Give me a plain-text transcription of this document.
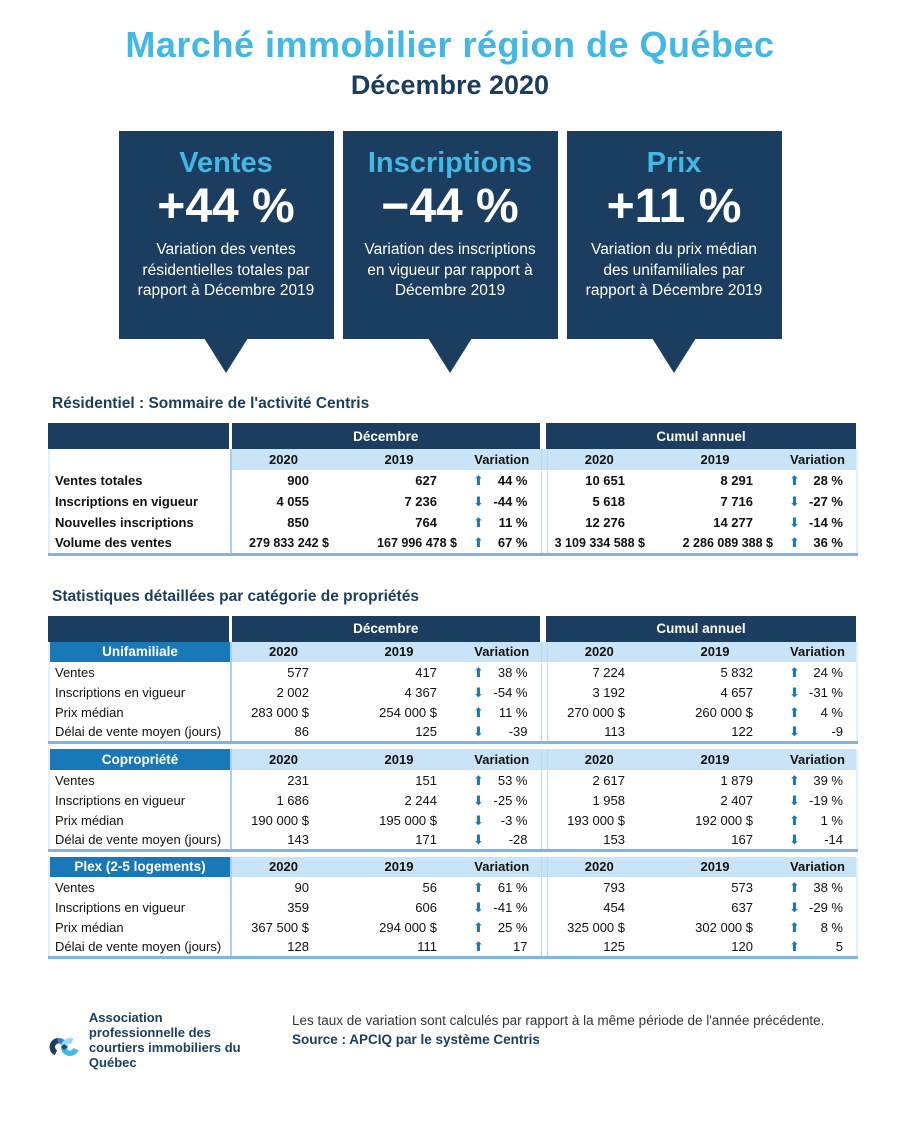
Marché immobilier région de Québec
Décembre 2020
Ventes
+44 %
Variation des ventes résidentielles totales par rapport à Décembre 2019
Inscriptions
−44 %
Variation des inscriptions en vigueur par rapport à Décembre 2019
Prix
+11 %
Variation du prix médian des unifamiliales par rapport à Décembre 2019
Résidentiel : Sommaire de l'activité Centris
	Décembre		Cumul annuel
	2020	2019	Variation		2020	2019	Variation
Ventes totales	900	627	⬆ 44 %		10 651	8 291	⬆ 28 %

Inscriptions en vigueur	4 055	7 236	⬇ -44 %		5 618	7 716	⬇ -27 %

Nouvelles inscriptions	850	764	⬆ 11 %		12 276	14 277	⬇ -14 %

Volume des ventes	279 833 242 $	167 996 478 $	⬆ 67 %		3 109 334 588 $	2 286 089 388 $	⬆ 36 %
Statistiques détaillées par catégorie de propriétés
	Décembre		Cumul annuel
Unifamiliale	2020	2019	Variation		2020	2019	Variation
Ventes	577	417	⬆ 38 %		7 224	5 832	⬆ 24 %

Inscriptions en vigueur	2 002	4 367	⬇ -54 %		3 192	4 657	⬇ -31 %

Prix médian	283 000 $	254 000 $	⬆ 11 %		270 000 $	260 000 $	⬆ 4 %

Délai de vente moyen (jours)	86	125	⬇ -39		113	122	⬇ -9
Copropriété	2020	2019	Variation		2020	2019	Variation
Ventes	231	151	⬆ 53 %		2 617	1 879	⬆ 39 %

Inscriptions en vigueur	1 686	2 244	⬇ -25 %		1 958	2 407	⬇ -19 %

Prix médian	190 000 $	195 000 $	⬇ -3 %		193 000 $	192 000 $	⬆ 1 %

Délai de vente moyen (jours)	143	171	⬇ -28		153	167	⬇ -14
Plex (2-5 logements)	2020	2019	Variation		2020	2019	Variation
Ventes	90	56	⬆ 61 %		793	573	⬆ 38 %

Inscriptions en vigueur	359	606	⬇ -41 %		454	637	⬇ -29 %

Prix médian	367 500 $	294 000 $	⬆ 25 %		325 000 $	302 000 $	⬆ 8 %

Délai de vente moyen (jours)	128	111	⬆ 17		125	120	⬆ 5
Association professionnelle des courtiers immobiliers du Québec
Les taux de variation sont calculés par rapport à la même période de l'année précédente.
Source : APCIQ par le système Centris
